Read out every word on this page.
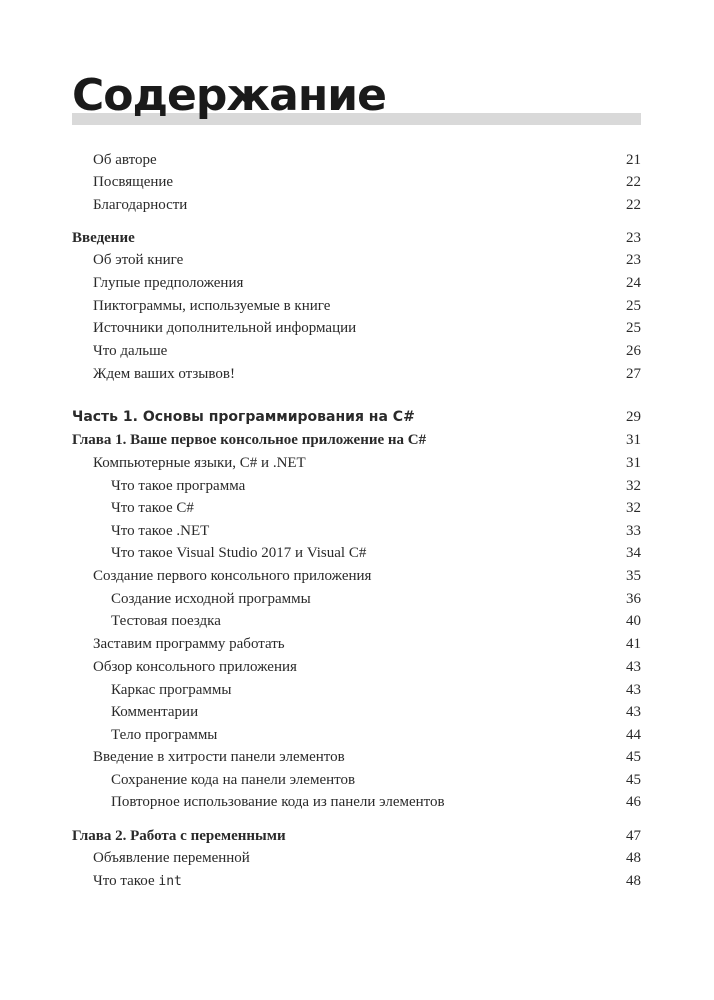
Содержание
Об авторе	21
Посвящение	22
Благодарности	22
Введение	23
Об этой книге	23
Глупые предположения	24
Пиктограммы, используемые в книге	25
Источники дополнительной информации	25
Что дальше	26
Ждем ваших отзывов!	27
Часть 1. Основы программирования на C#	29
Глава 1. Ваше первое консольное приложение на C#	31
Компьютерные языки, C# и .NET	31
Что такое программа	32
Что такое C#	32
Что такое .NET	33
Что такое Visual Studio 2017 и Visual C#	34
Создание первого консольного приложения	35
Создание исходной программы	36
Тестовая поездка	40
Заставим программу работать	41
Обзор консольного приложения	43
Каркас программы	43
Комментарии	43
Тело программы	44
Введение в хитрости панели элементов	45
Сохранение кода на панели элементов	45
Повторное использование кода из панели элементов	46
Глава 2. Работа с переменными	47
Объявление переменной	48
Что такое int	48
